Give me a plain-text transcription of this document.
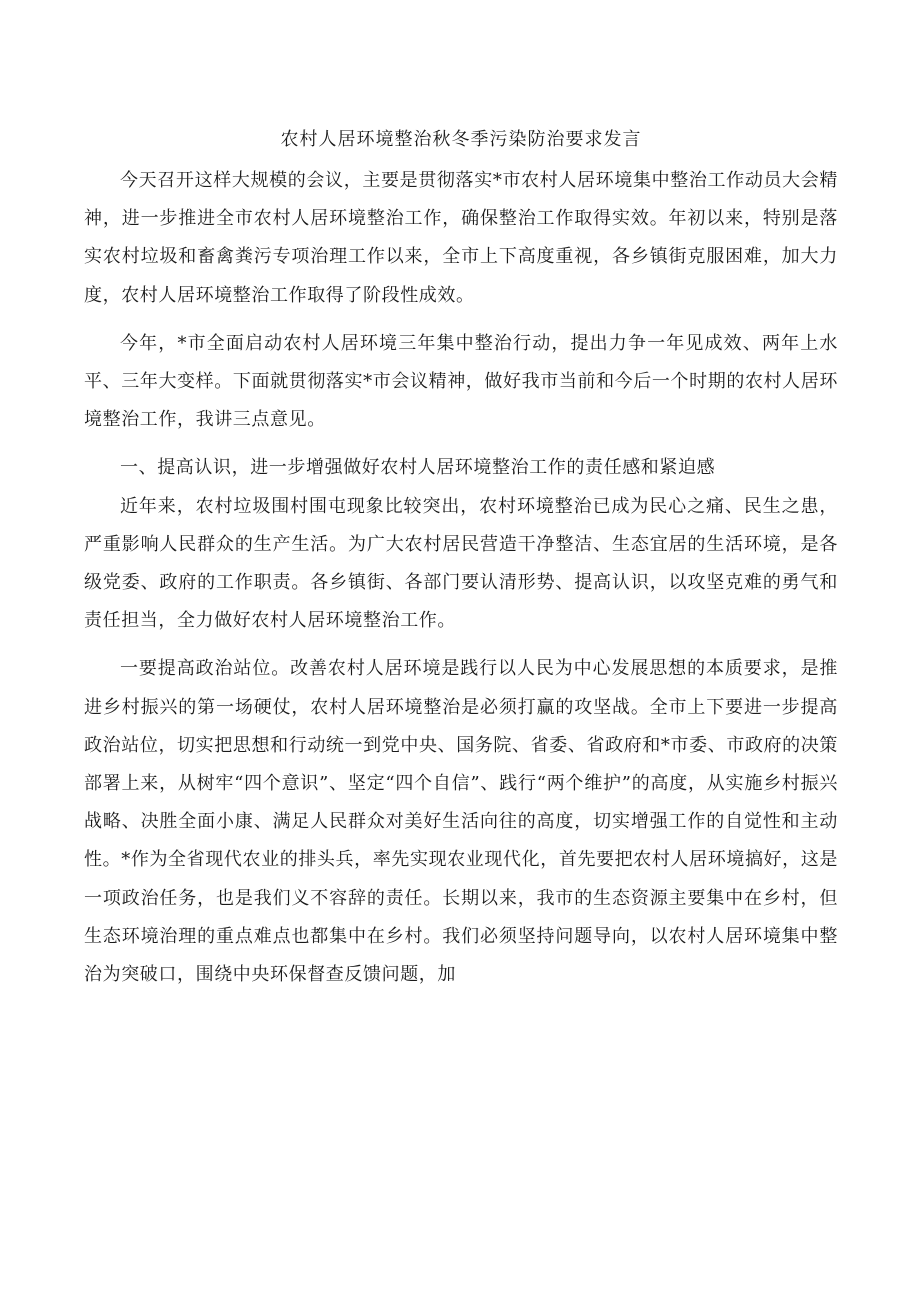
农村人居环境整治秋冬季污染防治要求发言

今天召开这样大规模的会议，主要是贯彻落实*市农村人居环境集中整治工作动员大会精神，进一步推进全市农村人居环境整治工作，确保整治工作取得实效。年初以来，特别是落实农村垃圾和畜禽粪污专项治理工作以来，全市上下高度重视，各乡镇街克服困难，加大力度，农村人居环境整治工作取得了阶段性成效。

今年，*市全面启动农村人居环境三年集中整治行动，提出力争一年见成效、两年上水平、三年大变样。下面就贯彻落实*市会议精神，做好我市当前和今后一个时期的农村人居环境整治工作，我讲三点意见。

一、提高认识，进一步增强做好农村人居环境整治工作的责任感和紧迫感

近年来，农村垃圾围村围屯现象比较突出，农村环境整治已成为民心之痛、民生之患，严重影响人民群众的生产生活。为广大农村居民营造干净整洁、生态宜居的生活环境，是各级党委、政府的工作职责。各乡镇街、各部门要认清形势、提高认识，以攻坚克难的勇气和责任担当，全力做好农村人居环境整治工作。

一要提高政治站位。改善农村人居环境是践行以人民为中心发展思想的本质要求，是推进乡村振兴的第一场硬仗，农村人居环境整治是必须打赢的攻坚战。全市上下要进一步提高政治站位，切实把思想和行动统一到党中央、国务院、省委、省政府和*市委、市政府的决策部署上来，从树牢“四个意识”、坚定“四个自信”、践行“两个维护”的高度，从实施乡村振兴战略、决胜全面小康、满足人民群众对美好生活向往的高度，切实增强工作的自觉性和主动性。*作为全省现代农业的排头兵，率先实现农业现代化，首先要把农村人居环境搞好，这是一项政治任务，也是我们义不容辞的责任。长期以来，我市的生态资源主要集中在乡村，但生态环境治理的重点难点也都集中在乡村。我们必须坚持问题导向，以农村人居环境集中整治为突破口，围绕中央环保督查反馈问题，加
